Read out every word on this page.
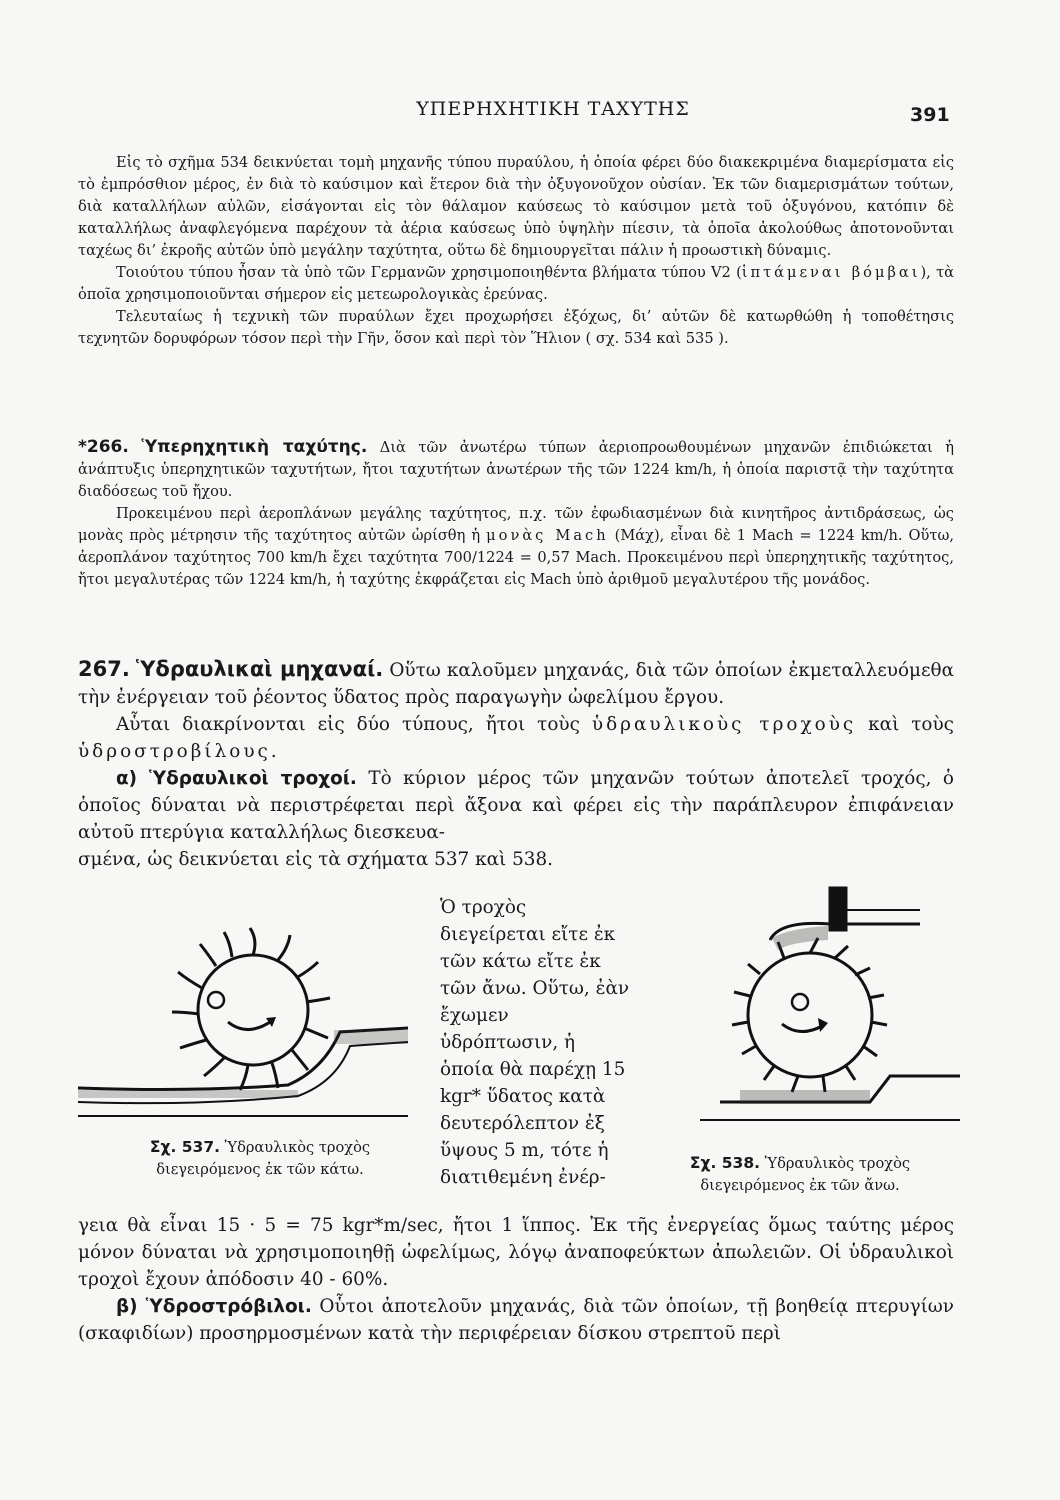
ΥΠΕΡΗΧΗΤΙΚΗ ΤΑΧΥΤΗΣ	391

Εἰς τὸ σχῆμα 534 δεικνύεται τομὴ μηχανῆς τύπου πυραύλου, ἡ ὁποία φέρει δύο διακεκριμένα διαμερίσματα εἰς τὸ ἐμπρόσθιον μέρος, ἐν διὰ τὸ καύσιμον καὶ ἕτερον διὰ τὴν ὀξυγονοῦχον οὐσίαν. Ἐκ τῶν διαμερισμάτων τούτων, διὰ καταλλήλων αὐλῶν, εἰσάγονται εἰς τὸν θάλαμον καύσεως τὸ καύσιμον μετὰ τοῦ ὀξυγόνου, κατόπιν δὲ καταλλήλως ἀναφλεγόμενα παρέχουν τὰ ἀέρια καύσεως ὑπὸ ὑψηλὴν πίεσιν, τὰ ὁποῖα ἀκολούθως ἀποτονοῦνται ταχέως δι’ ἐκροῆς αὐτῶν ὑπὸ μεγάλην ταχύτητα, οὕτω δὲ δημιουργεῖται πάλιν ἡ προωστικὴ δύναμις.

Τοιούτου τύπου ἦσαν τὰ ὑπὸ τῶν Γερμανῶν χρησιμοποιηθέντα βλήματα τύπου V2 (ἱπτάμεναι βόμβαι), τὰ ὁποῖα χρησιμοποιοῦνται σήμερον εἰς μετεωρολογικὰς ἐρεύνας.

Τελευταίως ἡ τεχνικὴ τῶν πυραύλων ἔχει προχωρήσει ἐξόχως, δι’ αὐτῶν δὲ κατωρθώθη ἡ τοποθέτησις τεχνητῶν δορυφόρων τόσον περὶ τὴν Γῆν, ὅσον καὶ περὶ τὸν Ἥλιον ( σχ. 534 καὶ 535 ).

*266. Ὑπερηχητικὴ ταχύτης. Διὰ τῶν ἀνωτέρω τύπων ἀεριοπροωθουμένων μηχανῶν ἐπιδιώκεται ἡ ἀνάπτυξις ὑπερηχητικῶν ταχυτήτων, ἤτοι ταχυτήτων ἀνωτέρων τῆς τῶν 1224 km/h, ἡ ὁποία παριστᾷ τὴν ταχύτητα διαδόσεως τοῦ ἤχου.

Προκειμένου περὶ ἀεροπλάνων μεγάλης ταχύτητος, π.χ. τῶν ἐφωδιασμένων διὰ κινητῆρος ἀντιδράσεως, ὡς μονὰς πρὸς μέτρησιν τῆς ταχύτητος αὐτῶν ὡρίσθη ἡ μονὰς Mach (Μάχ), εἶναι δὲ 1 Mach = 1224 km/h. Οὕτω, ἀεροπλάνον ταχύτητος 700 km/h ἔχει ταχύτητα 700/1224 = 0,57 Mach. Προκειμένου περὶ ὑπερηχητικῆς ταχύτητος, ἤτοι μεγαλυτέρας τῶν 1224 km/h, ἡ ταχύτης ἐκφράζεται εἰς Mach ὑπὸ ἀριθμοῦ μεγαλυτέρου τῆς μονάδος.

267. Ὑδραυλικαὶ μηχαναί. Οὕτω καλοῦμεν μηχανάς, διὰ τῶν ὁποίων ἐκμεταλλευόμεθα τὴν ἐνέργειαν τοῦ ῥέοντος ὕδατος πρὸς παραγωγὴν ὠφελίμου ἔργου.

Αὗται διακρίνονται εἰς δύο τύπους, ἤτοι τοὺς ὑδραυλικοὺς τροχοὺς καὶ τοὺς ὑδροστροβίλους.

α) Ὑδραυλικοὶ τροχοί. Τὸ κύριον μέρος τῶν μηχανῶν τούτων ἀποτελεῖ τροχός, ὁ ὁποῖος δύναται νὰ περιστρέφεται περὶ ἄξονα καὶ φέρει εἰς τὴν παράπλευρον ἐπιφάνειαν αὐτοῦ πτερύγια καταλλήλως διεσκευα-

σμένα, ὡς δεικνύεται εἰς τὰ σχήματα 537 καὶ 538.

Ὁ τροχὸς διεγείρεται εἴτε ἐκ τῶν κάτω εἴτε ἐκ τῶν ἄνω. Οὕτω, ἐὰν ἔχωμεν ὑδρόπτωσιν, ἡ ὁποία θὰ παρέχῃ 15 kgr* ὕδατος κατὰ δευτερόλεπτον ἐξ ὕψους 5 m, τότε ἡ διατιθεμένη ἐνέρ-
Σχ. 537. Ὑδραυλικὸς τροχὸς
διεγειρόμενος ἐκ τῶν κάτω.	Σχ. 538. Ὑδραυλικὸς τροχὸς
διεγειρόμενος ἐκ τῶν ἄνω.

γεια θὰ εἶναι 15 · 5 = 75 kgr*m/sec, ἤτοι 1 ἵππος. Ἐκ τῆς ἐνεργείας ὅμως ταύτης μέρος μόνον δύναται νὰ χρησιμοποιηθῇ ὠφελίμως, λόγῳ ἀναποφεύκτων ἀπωλειῶν. Οἱ ὑδραυλικοὶ τροχοὶ ἔχουν ἀπόδοσιν 40 - 60%.

β) Ὑδροστρόβιλοι. Οὗτοι ἀποτελοῦν μηχανάς, διὰ τῶν ὁποίων, τῇ βοηθείᾳ πτερυγίων (σκαφιδίων) προσηρμοσμένων κατὰ τὴν περιφέρειαν δίσκου στρεπτοῦ περὶ
